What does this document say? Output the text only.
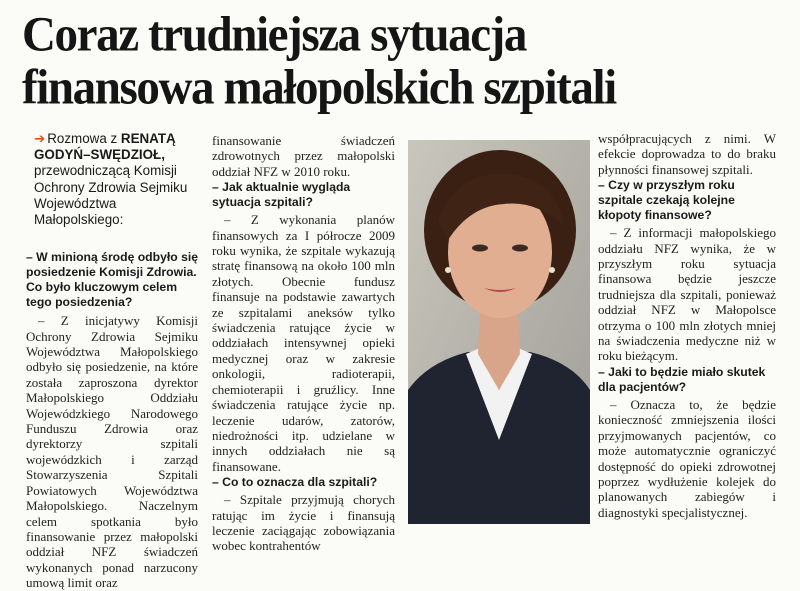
Coraz trudniejsza sytuacja
finansowa małopolskich szpitali

➔ Rozmowa z RENATĄ GODYŃ–SWĘDZIOŁ, przewodniczącą Komisji Ochrony Zdrowia Sejmiku Województwa Małopolskiego:

– W minioną środę odbyło się posiedzenie Komisji Zdrowia. Co było kluczowym celem tego posiedzenia?

– Z inicjatywy Komisji Ochrony Zdrowia Sejmiku Województwa Małopolskiego odbyło się posiedzenie, na które została zaproszona dyrektor Małopolskiego Oddziału Wojewódzkiego Narodowego Funduszu Zdrowia oraz dyrektorzy szpitali wojewódzkich i zarząd Stowarzyszenia Szpitali Powiatowych Województwa Małopolskiego. Naczelnym celem spotkania było finansowanie przez małopolski oddział NFZ świadczeń wykonanych ponad narzucony umową limit oraz

finansowanie świadczeń zdrowotnych przez małopolski oddział NFZ w 2010 roku.

– Jak aktualnie wygląda sytuacja szpitali?

– Z wykonania planów finansowych za I półrocze 2009 roku wynika, że szpitale wykazują stratę finansową na około 100 mln złotych. Obecnie fundusz finansuje na podstawie zawartych ze szpitalami aneksów tylko świadczenia ratujące życie w oddziałach intensywnej opieki medycznej oraz w zakresie onkologii, radioterapii, chemioterapii i gruźlicy. Inne świadczenia ratujące życie np. leczenie udarów, zatorów, niedrożności itp. udzielane w innych oddziałach nie są finansowane.

– Co to oznacza dla szpitali?

– Szpitale przyjmują chorych ratując im życie i finansują leczenie zaciągając zobowiązania wobec kontrahentów

współpracujących z nimi. W efekcie doprowadza to do braku płynności finansowej szpitali.

– Czy w przyszłym roku szpitale czekają kolejne kłopoty finansowe?

– Z informacji małopolskiego oddziału NFZ wynika, że w przyszłym roku sytuacja finansowa będzie jeszcze trudniejsza dla szpitali, ponieważ oddział NFZ w Małopolsce otrzyma o 100 mln złotych mniej na świadczenia medyczne niż w roku bieżącym.

– Jaki to będzie miało skutek dla pacjentów?

– Oznacza to, że będzie konieczność zmniejszenia ilości przyjmowanych pacjentów, co może automatycznie ograniczyć dostępność do opieki zdrowotnej poprzez wydłużenie kolejek do planowanych zabiegów i diagnostyki specjalistycznej.
